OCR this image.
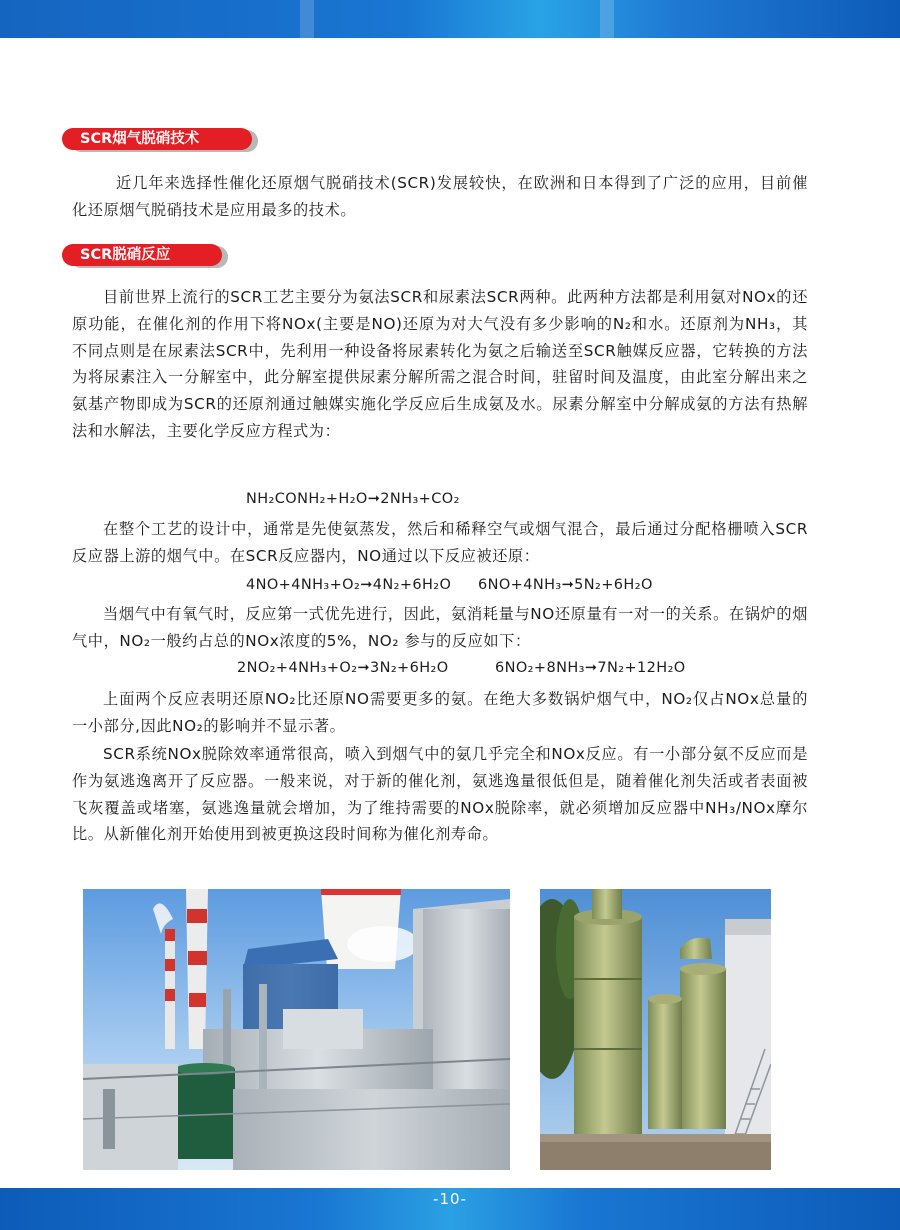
SCR烟气脱硝技术

近几年来选择性催化还原烟气脱硝技术(SCR)发展较快，在欧洲和日本得到了广泛的应用，目前催化还原烟气脱硝技术是应用最多的技术。

SCR脱硝反应

目前世界上流行的SCR工艺主要分为氨法SCR和尿素法SCR两种。此两种方法都是利用氨对NOx的还原功能，在催化剂的作用下将NOx(主要是NO)还原为对大气没有多少影响的N₂和水。还原剂为NH₃，其不同点则是在尿素法SCR中，先利用一种设备将尿素转化为氨之后输送至SCR触媒反应器，它转换的方法为将尿素注入一分解室中，此分解室提供尿素分解所需之混合时间，驻留时间及温度，由此室分解出来之氨基产物即成为SCR的还原剂通过触媒实施化学反应后生成氨及水。尿素分解室中分解成氨的方法有热解法和水解法，主要化学反应方程式为：

NH₂CONH₂+H₂O➞2NH₃+CO₂

在整个工艺的设计中，通常是先使氨蒸发，然后和稀释空气或烟气混合，最后通过分配格栅喷入SCR反应器上游的烟气中。在SCR反应器内，NO通过以下反应被还原：

4NO+4NH₃+O₂➞4N₂+6H₂O 6NO+4NH₃➞5N₂+6H₂O

当烟气中有氧气时，反应第一式优先进行，因此，氨消耗量与NO还原量有一对一的关系。在锅炉的烟气中，NO₂一般约占总的NOx浓度的5%，NO₂ 参与的反应如下：

2NO₂+4NH₃+O₂➞3N₂+6H₂O	6NO₂+8NH₃➞7N₂+12H₂O

上面两个反应表明还原NO₂比还原NO需要更多的氨。在绝大多数锅炉烟气中，NO₂仅占NOx总量的一小部分,因此NO₂的影响并不显示著。

SCR系统NOx脱除效率通常很高，喷入到烟气中的氨几乎完全和NOx反应。有一小部分氨不反应而是作为氨逃逸离开了反应器。一般来说，对于新的催化剂，氨逃逸量很低但是，随着催化剂失活或者表面被飞灰覆盖或堵塞，氨逃逸量就会增加，为了维持需要的NOx脱除率，就必须增加反应器中NH₃/NOx摩尔比。从新催化剂开始使用到被更换这段时间称为催化剂寿命。

-10-
